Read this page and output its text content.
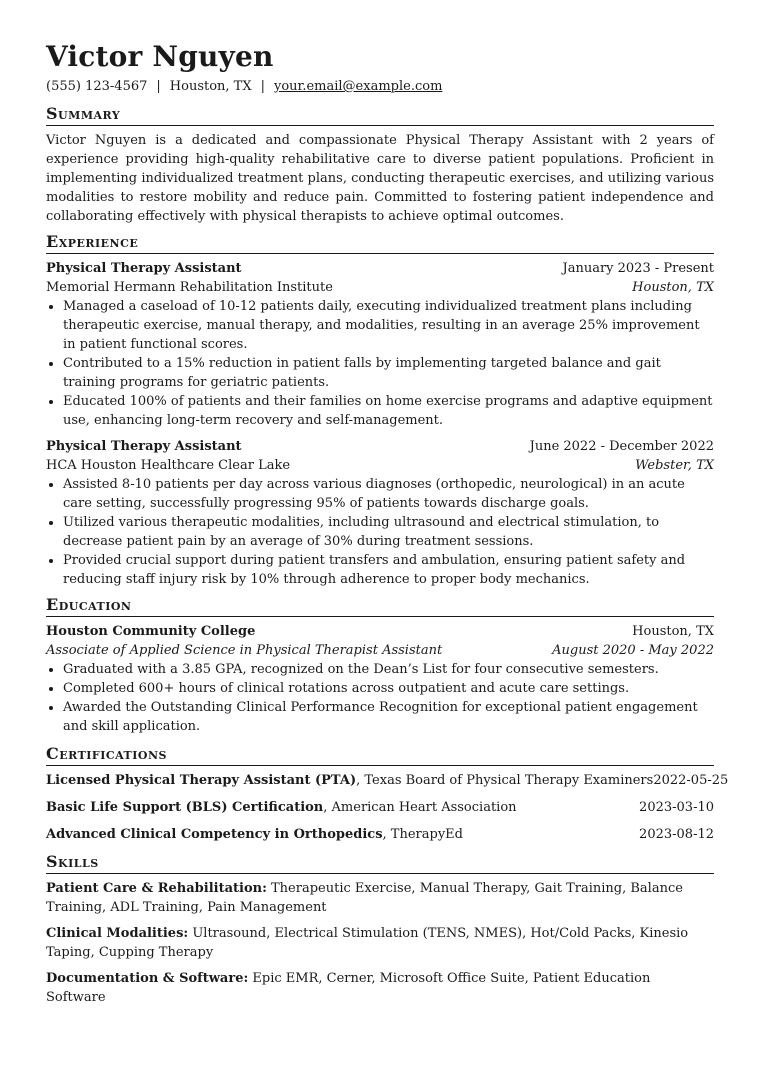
Victor Nguyen
(555) 123-4567 | Houston, TX | your.email@example.com
Summary
Victor Nguyen is a dedicated and compassionate Physical Therapy Assistant with 2 years of experience providing high-quality rehabilitative care to diverse patient populations. Proficient in implementing individualized treatment plans, conducting therapeutic exercises, and utilizing various modalities to restore mobility and reduce pain. Committed to fostering patient independence and collaborating effectively with physical therapists to achieve optimal outcomes.
Experience
Physical Therapy Assistant	January 2023 - Present
Memorial Hermann Rehabilitation Institute	Houston, TX
• Managed a caseload of 10-12 patients daily, executing individualized treatment plans including therapeutic exercise, manual therapy, and modalities, resulting in an average 25% improvement in patient functional scores.
• Contributed to a 15% reduction in patient falls by implementing targeted balance and gait training programs for geriatric patients.
• Educated 100% of patients and their families on home exercise programs and adaptive equipment use, enhancing long-term recovery and self-management.
Physical Therapy Assistant	June 2022 - December 2022
HCA Houston Healthcare Clear Lake	Webster, TX
• Assisted 8-10 patients per day across various diagnoses (orthopedic, neurological) in an acute care setting, successfully progressing 95% of patients towards discharge goals.
• Utilized various therapeutic modalities, including ultrasound and electrical stimulation, to decrease patient pain by an average of 30% during treatment sessions.
• Provided crucial support during patient transfers and ambulation, ensuring patient safety and reducing staff injury risk by 10% through adherence to proper body mechanics.
Education
Houston Community College	Houston, TX
Associate of Applied Science in Physical Therapist Assistant	August 2020 - May 2022
• Graduated with a 3.85 GPA, recognized on the Dean’s List for four consecutive semesters.
• Completed 600+ hours of clinical rotations across outpatient and acute care settings.
• Awarded the Outstanding Clinical Performance Recognition for exceptional patient engagement and skill application.
Certifications
Licensed Physical Therapy Assistant (PTA), Texas Board of Physical Therapy Examiners 2022-05-25
Basic Life Support (BLS) Certification, American Heart Association	2023-03-10
Advanced Clinical Competency in Orthopedics, TherapyEd	2023-08-12
Skills
Patient Care & Rehabilitation: Therapeutic Exercise, Manual Therapy, Gait Training, Balance Training, ADL Training, Pain Management
Clinical Modalities: Ultrasound, Electrical Stimulation (TENS, NMES), Hot/Cold Packs, Kinesio Taping, Cupping Therapy
Documentation & Software: Epic EMR, Cerner, Microsoft Office Suite, Patient Education Software
